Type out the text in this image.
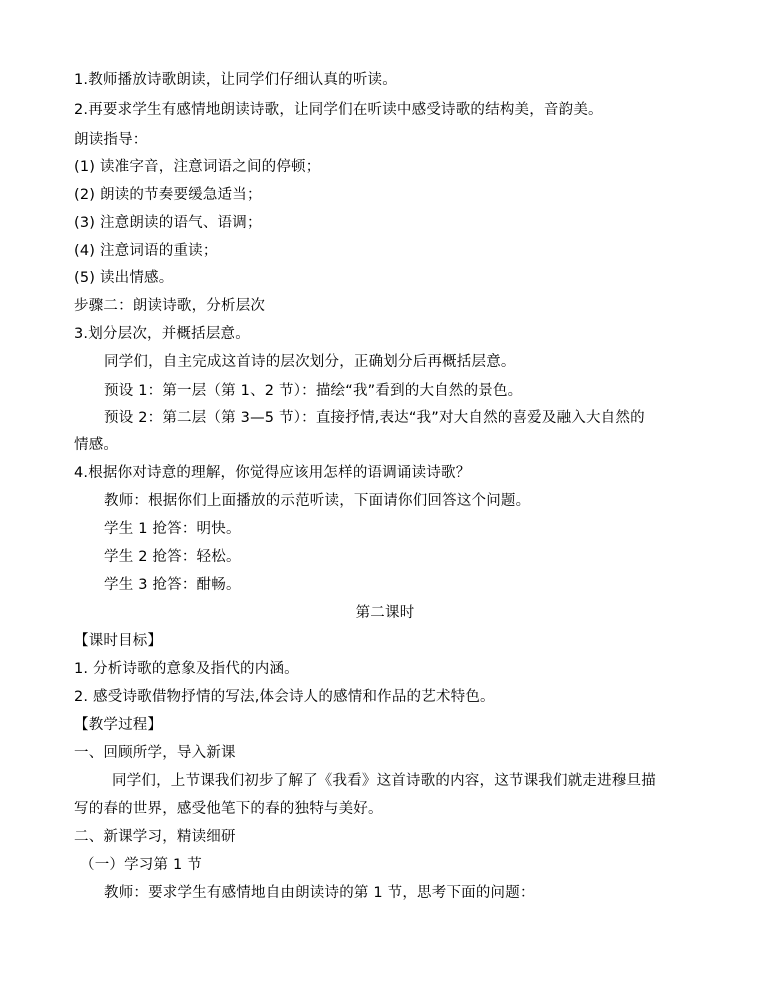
1.教师播放诗歌朗读，让同学们仔细认真的听读。
2.再要求学生有感情地朗读诗歌，让同学们在听读中感受诗歌的结构美，音韵美。
朗读指导：
(1) 读准字音，注意词语之间的停顿；
(2) 朗读的节奏要缓急适当；
(3) 注意朗读的语气、语调；
(4) 注意词语的重读；
(5) 读出情感。
步骤二：朗读诗歌，分析层次
3.划分层次，并概括层意。
同学们，自主完成这首诗的层次划分，正确划分后再概括层意。
预设 1：第一层（第 1、2 节）：描绘“我”看到的大自然的景色。
预设 2：第二层（第 3—5 节）：直接抒情,表达“我”对大自然的喜爱及融入大自然的
情感。
4.根据你对诗意的理解，你觉得应该用怎样的语调诵读诗歌？
教师：根据你们上面播放的示范听读，下面请你们回答这个问题。
学生 1 抢答：明快。
学生 2 抢答：轻松。
学生 3 抢答：酣畅。
第二课时
【课时目标】
1. 分析诗歌的意象及指代的内涵。
2. 感受诗歌借物抒情的写法,体会诗人的感情和作品的艺术特色。
【教学过程】
一、回顾所学，导入新课
同学们，上节课我们初步了解了《我看》这首诗歌的内容，这节课我们就走进穆旦描
写的春的世界，感受他笔下的春的独特与美好。
二、新课学习，精读细研
（一）学习第 1 节
教师：要求学生有感情地自由朗读诗的第 1 节，思考下面的问题：
